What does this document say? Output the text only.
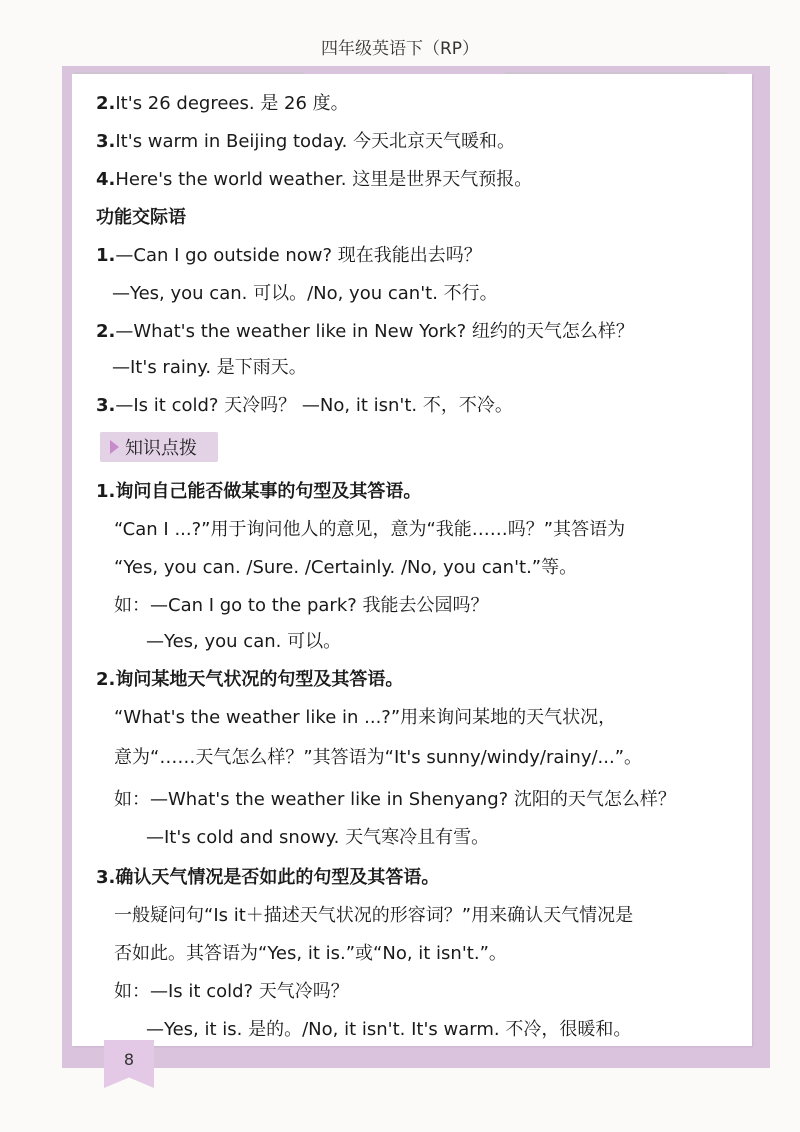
四年级英语下（RP）
2.It's 26 degrees. 是 26 度。
3.It's warm in Beijing today. 今天北京天气暖和。
4.Here's the world weather. 这里是世界天气预报。
功能交际语
1.—Can I go outside now? 现在我能出去吗？
—Yes, you can. 可以。/No, you can't. 不行。
2.—What's the weather like in New York? 纽约的天气怎么样？
—It's rainy. 是下雨天。
3.—Is it cold? 天冷吗？ —No, it isn't. 不，不冷。
知识点拨
1.询问自己能否做某事的句型及其答语。
“Can I ...?”用于询问他人的意见，意为“我能……吗？”其答语为
“Yes, you can. /Sure. /Certainly. /No, you can't.”等。
如：—Can I go to the park? 我能去公园吗？
—Yes, you can. 可以。
2.询问某地天气状况的句型及其答语。
“What's the weather like in ...?”用来询问某地的天气状况，
意为“……天气怎么样？”其答语为“It's sunny/windy/rainy/...”。
如：—What's the weather like in Shenyang? 沈阳的天气怎么样？
—It's cold and snowy. 天气寒冷且有雪。
3.确认天气情况是否如此的句型及其答语。
一般疑问句“Is it＋描述天气状况的形容词？”用来确认天气情况是
否如此。其答语为“Yes, it is.”或“No, it isn't.”。
如：—Is it cold? 天气冷吗？
—Yes, it is. 是的。/No, it isn't. It's warm. 不冷，很暖和。
8
